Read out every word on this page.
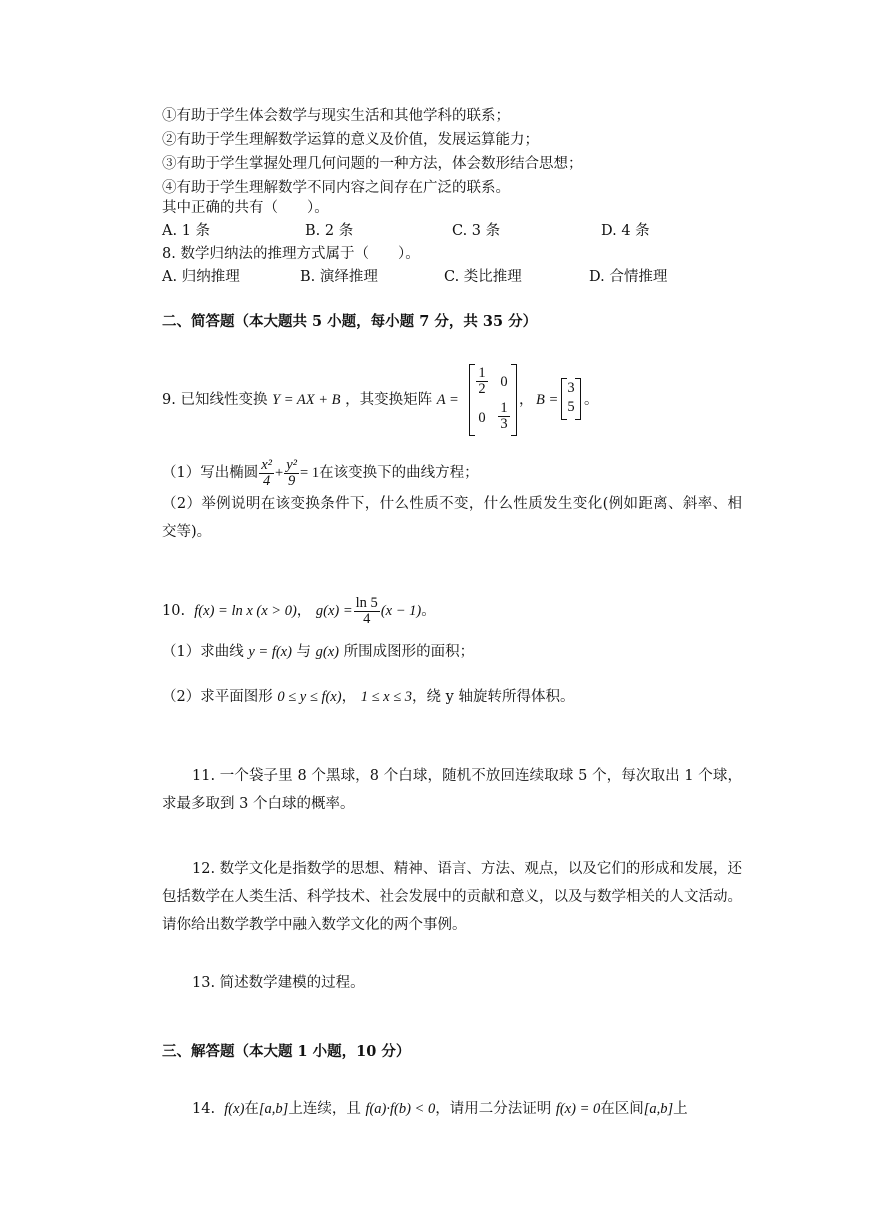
①有助于学生体会数学与现实生活和其他学科的联系；
②有助于学生理解数学运算的意义及价值，发展运算能力；
③有助于学生掌握处理几何问题的一种方法，体会数形结合思想；
④有助于学生理解数学不同内容之间存在广泛的联系。
其中正确的共有（　　）。
A. 1 条	B. 2 条	C. 3 条	D. 4 条
8. 数学归纳法的推理方式属于（　　）。
A. 归纳推理	B. 演绎推理	C. 类比推理	D. 合情推理
二、简答题（本大题共 5 小题，每小题 7 分，共 35 分）
9. 已知线性变换 Y = AX + B ，其变换矩阵 A =
$\frac{1}{2} 0$
$0 \frac{1}{3}$
， B =
3
5 。
（1）写出椭圆 $\frac{\text{x²}}{4} + \frac{\text{y²}}{9} = 1$在该变换下的曲线方程；
（2）举例说明在该变换条件下，什么性质不变，什么性质发生变化(例如距离、斜率、相交等)。
10. f(x) = ln x (x > 0)， $g(x) = \frac{\ln 5}{4} (x - 1)$。
（1）求曲线 y = f(x) 与 g(x) 所围成图形的面积；
（2）求平面图形 0 ≤ y ≤ f(x)， 1 ≤ x ≤ 3，绕 y 轴旋转所得体积。
11. 一个袋子里 8 个黑球，8 个白球，随机不放回连续取球 5 个，每次取出 1 个球，求最多取到 3 个白球的概率。
12. 数学文化是指数学的思想、精神、语言、方法、观点，以及它们的形成和发展，还包括数学在人类生活、科学技术、社会发展中的贡献和意义，以及与数学相关的人文活动。请你给出数学教学中融入数学文化的两个事例。
13. 简述数学建模的过程。
三、解答题（本大题 1 小题，10 分）
14. f(x)在[a,b]上连续，且 f(a)·f(b) < 0，请用二分法证明 f(x) = 0在区间[a,b]上
